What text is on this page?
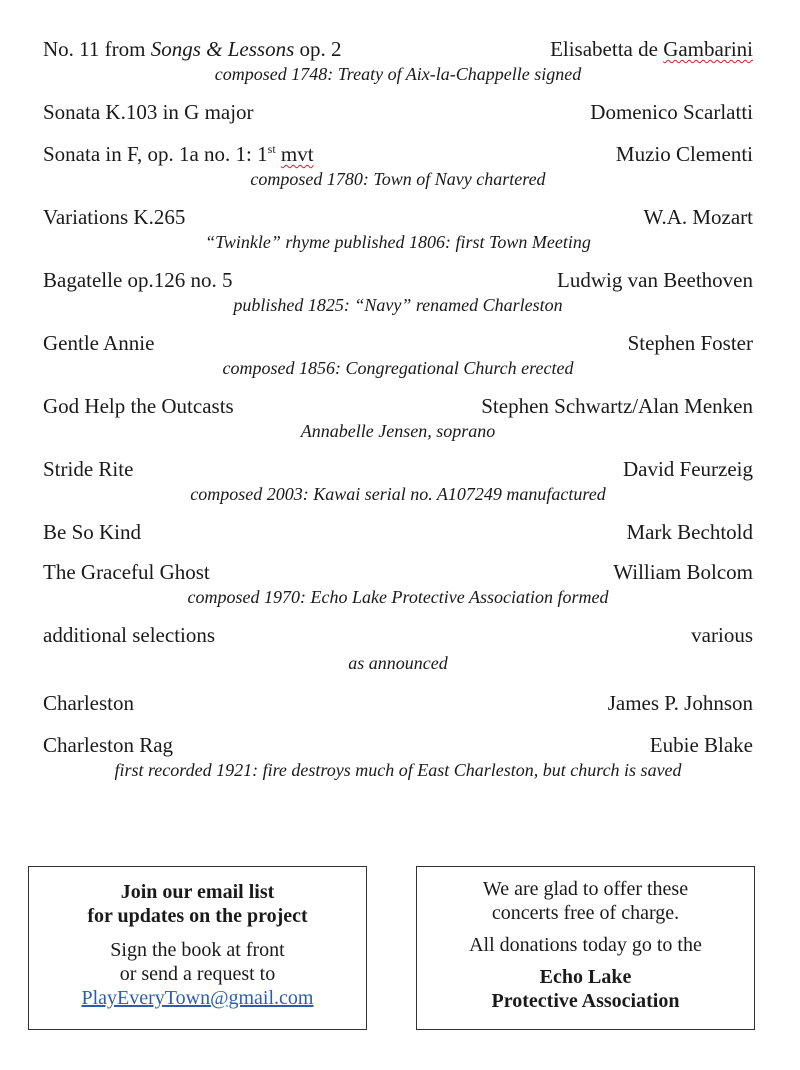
No. 11 from Songs & Lessons op. 2	Elisabetta de Gambarini
composed 1748: Treaty of Aix-la-Chappelle signed
Sonata K.103 in G major	Domenico Scarlatti
Sonata in F, op. 1a no. 1: 1st mvt	Muzio Clementi
composed 1780: Town of Navy chartered
Variations K.265	W.A. Mozart
“Twinkle” rhyme published 1806: first Town Meeting
Bagatelle op.126 no. 5	Ludwig van Beethoven
published 1825: “Navy” renamed Charleston
Gentle Annie	Stephen Foster
composed 1856: Congregational Church erected
God Help the Outcasts	Stephen Schwartz/Alan Menken
Annabelle Jensen, soprano
Stride Rite	David Feurzeig
composed 2003: Kawai serial no. A107249 manufactured
Be So Kind	Mark Bechtold
The Graceful Ghost	William Bolcom
composed 1970: Echo Lake Protective Association formed
additional selections	various
as announced
Charleston	James P. Johnson
Charleston Rag	Eubie Blake
first recorded 1921: fire destroys much of East Charleston, but church is saved
Join our email list
for updates on the project
Sign the book at front
or send a request to
PlayEveryTown@gmail.com
We are glad to offer these
concerts free of charge.
All donations today go to the
Echo Lake
Protective Association
